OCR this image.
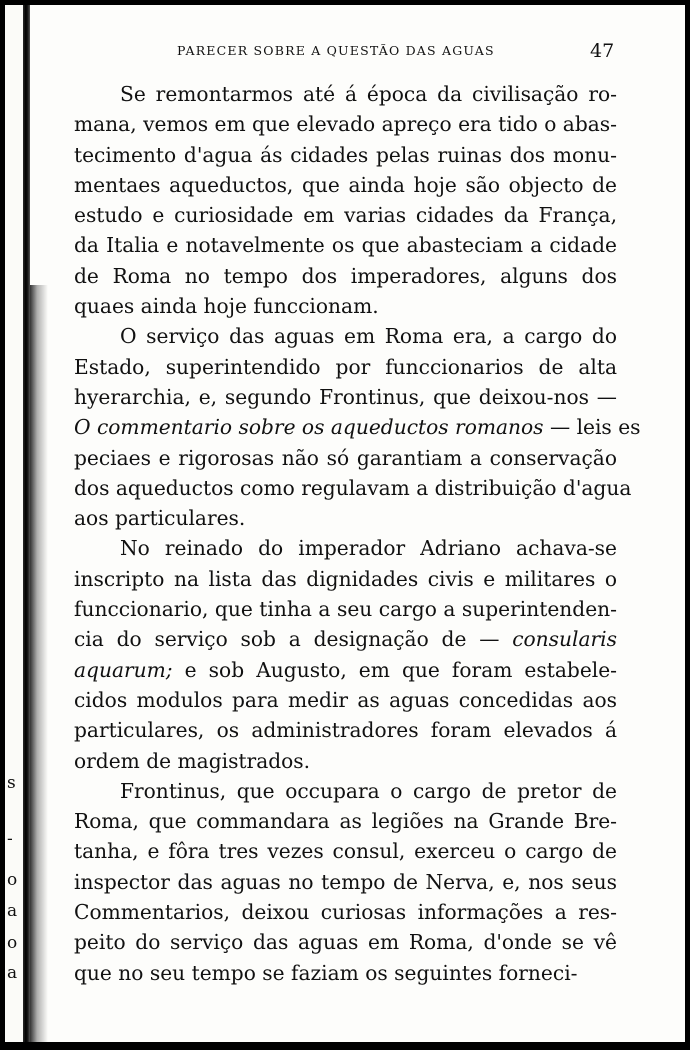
s
-
o
a
o
a
PARECER SOBRE A QUESTÃO DAS AGUAS	47
Se remontarmos até á época da civilisação ro-
mana, vemos em que elevado apreço era tido o abas-
tecimento d'agua ás cidades pelas ruinas dos monu-
mentaes aqueductos, que ainda hoje são objecto de
estudo e curiosidade em varias cidades da França,
da Italia e notavelmente os que abasteciam a cidade
de Roma no tempo dos imperadores, alguns dos
quaes ainda hoje funccionam.
O serviço das aguas em Roma era, a cargo do
Estado, superintendido por funccionarios de alta
hyerarchia, e, segundo Frontinus, que deixou-nos —
O commentario sobre os aqueductos romanos — leis es
peciaes e rigorosas não só garantiam a conservação
dos aqueductos como regulavam a distribuição d'agua
aos particulares.
No reinado do imperador Adriano achava-se
inscripto na lista das dignidades civis e militares o
funccionario, que tinha a seu cargo a superintenden-
cia do serviço sob a designação de — consularis
aquarum; e sob Augusto, em que foram estabele-
cidos modulos para medir as aguas concedidas aos
particulares, os administradores foram elevados á
ordem de magistrados.
Frontinus, que occupara o cargo de pretor de
Roma, que commandara as legiões na Grande Bre-
tanha, e fôra tres vezes consul, exerceu o cargo de
inspector das aguas no tempo de Nerva, e, nos seus
Commentarios, deixou curiosas informações a res-
peito do serviço das aguas em Roma, d'onde se vê
que no seu tempo se faziam os seguintes forneci-
